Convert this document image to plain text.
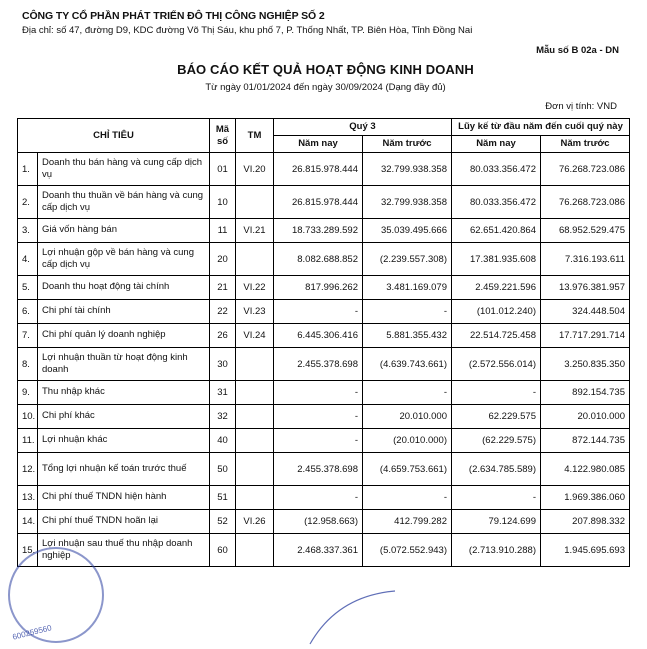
CÔNG TY CỔ PHẦN PHÁT TRIỂN ĐÔ THỊ CÔNG NGHIỆP SỐ 2
Địa chỉ: số 47, đường D9, KDC đường Võ Thị Sáu, khu phố 7, P. Thống Nhất, TP. Biên Hòa, Tỉnh Đồng Nai
Mẫu số B 02a - DN
BÁO CÁO KẾT QUẢ HOẠT ĐỘNG KINH DOANH
Từ ngày 01/01/2024 đến ngày 30/09/2024 (Dạng đầy đủ)
Đơn vị tính: VND
CHỈ TIÊU		Mã số	TM	Quý 3		Lũy kế từ đầu năm đến cuối quý này	
				Năm nay	Năm trước	Năm nay	Năm trước
1.	Doanh thu bán hàng và cung cấp dịch vụ	01	VI.20	26.815.978.444	32.799.938.358	80.033.356.472	76.268.723.086
2.	Doanh thu thuần về bán hàng và cung cấp dịch vụ	10		26.815.978.444	32.799.938.358	80.033.356.472	76.268.723.086
3.	Giá vốn hàng bán	11	VI.21	18.733.289.592	35.039.495.666	62.651.420.864	68.952.529.475
4.	Lợi nhuận gộp về bán hàng và cung cấp dịch vụ	20		8.082.688.852	(2.239.557.308)	17.381.935.608	7.316.193.611
5.	Doanh thu hoạt động tài chính	21	VI.22	817.996.262	3.481.169.079	2.459.221.596	13.976.381.957
6.	Chi phí tài chính	22	VI.23	-	-	(101.012.240)	324.448.504
7.	Chi phí quản lý doanh nghiệp	26	VI.24	6.445.306.416	5.881.355.432	22.514.725.458	17.717.291.714
8.	Lợi nhuận thuần từ hoạt động kinh doanh	30		2.455.378.698	(4.639.743.661)	(2.572.556.014)	3.250.835.350
9.	Thu nhập khác	31		-	-	-	892.154.735
10.	Chi phí khác	32		-	20.010.000	62.229.575	20.010.000
11.	Lợi nhuận khác	40		-	(20.010.000)	(62.229.575)	872.144.735
12.	Tổng lợi nhuận kế toán trước thuế	50		2.455.378.698	(4.659.753.661)	(2.634.785.589)	4.122.980.085
13.	Chi phí thuế TNDN hiện hành	51		-	-	-	1.969.386.060
14.	Chi phí thuế TNDN hoãn lại	52	VI.26	(12.958.663)	412.799.282	79.124.699	207.898.332
15.	Lợi nhuận sau thuế thu nhập doanh nghiệp	60		2.468.337.361	(5.072.552.943)	(2.713.910.288)	1.945.695.693
600259560
